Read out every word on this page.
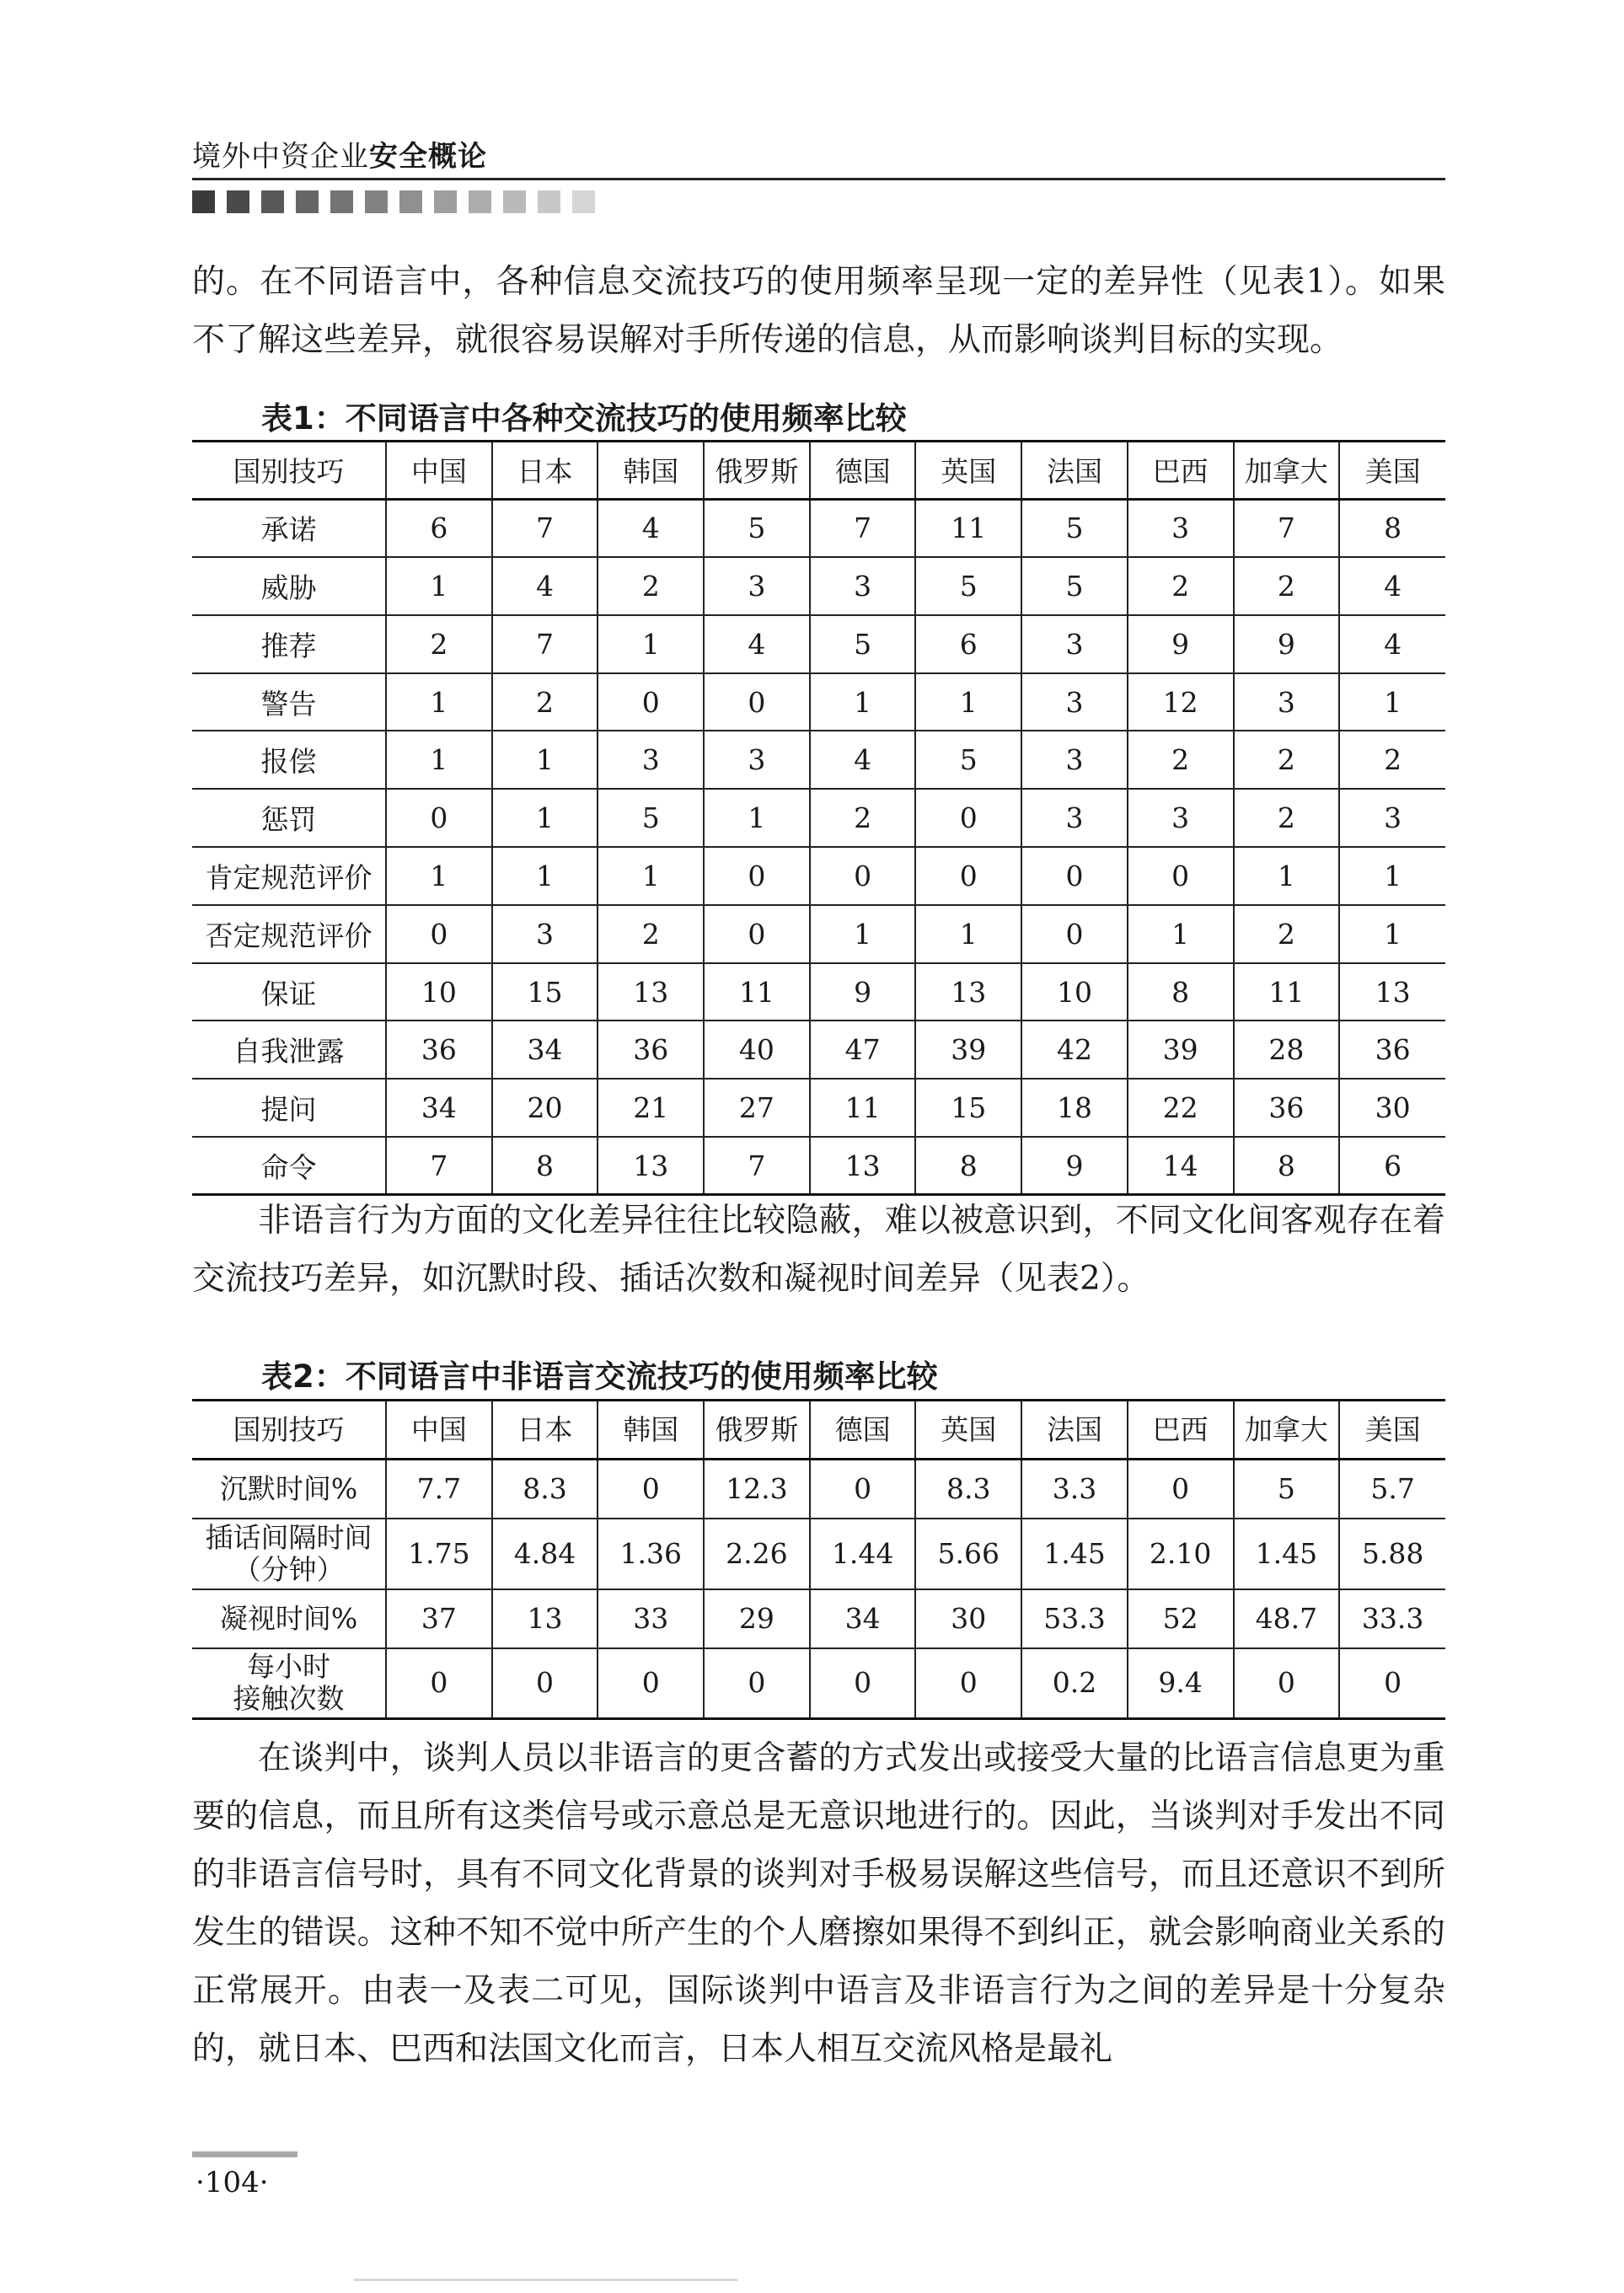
境外中资企业安全概论
的。在不同语言中，各种信息交流技巧的使用频率呈现一定的差异性（见表1）。如果不了解这些差异，就很容易误解对手所传递的信息，从而影响谈判目标的实现。
表1：不同语言中各种交流技巧的使用频率比较
国别技巧	中国	日本	韩国	俄罗斯	德国	英国	法国	巴西	加拿大	美国
承诺	6	7	4	5	7	11	5	3	7	8
威胁	1	4	2	3	3	5	5	2	2	4
推荐	2	7	1	4	5	6	3	9	9	4
警告	1	2	0	0	1	1	3	12	3	1
报偿	1	1	3	3	4	5	3	2	2	2
惩罚	0	1	5	1	2	0	3	3	2	3
肯定规范评价	1	1	1	0	0	0	0	0	1	1
否定规范评价	0	3	2	0	1	1	0	1	2	1
保证	10	15	13	11	9	13	10	8	11	13
自我泄露	36	34	36	40	47	39	42	39	28	36
提问	34	20	21	27	11	15	18	22	36	30
命令	7	8	13	7	13	8	9	14	8	6
非语言行为方面的文化差异往往比较隐蔽，难以被意识到，不同文化间客观存在着交流技巧差异，如沉默时段、插话次数和凝视时间差异（见表2）。
表2：不同语言中非语言交流技巧的使用频率比较
国别技巧	中国	日本	韩国	俄罗斯	德国	英国	法国	巴西	加拿大	美国

沉默时间%	7.7	8.3	0	12.3	0	8.3	3.3	0	5	5.7

插话间隔时间
（分钟）	1.75	4.84	1.36	2.26	1.44	5.66	1.45	2.10	1.45	5.88

凝视时间%	37	13	33	29	34	30	53.3	52	48.7	33.3

每小时
接触次数	0	0	0	0	0	0	0.2	9.4	0	0
在谈判中，谈判人员以非语言的更含蓄的方式发出或接受大量的比语言信息更为重要的信息，而且所有这类信号或示意总是无意识地进行的。因此，当谈判对手发出不同的非语言信号时，具有不同文化背景的谈判对手极易误解这些信号，而且还意识不到所发生的错误。这种不知不觉中所产生的个人磨擦如果得不到纠正，就会影响商业关系的正常展开。由表一及表二可见，国际谈判中语言及非语言行为之间的差异是十分复杂的，就日本、巴西和法国文化而言，日本人相互交流风格是最礼
·104·
